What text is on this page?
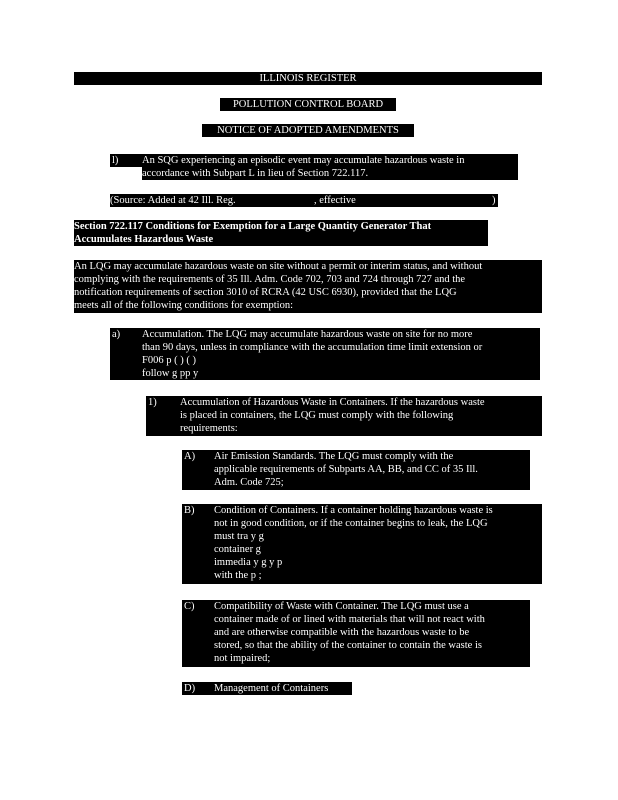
ILLINOIS REGISTER
POLLUTION CONTROL BOARD
NOTICE OF ADOPTED AMENDMENTS
l)	An SQG experiencing an episodic event may accumulate hazardous waste in
accordance with Subpart L in lieu of Section 722.117.
(Source: Added at 42 Ill. Reg.	, effective	)
Section 722.117 Conditions for Exemption for a Large Quantity Generator That
Accumulates Hazardous Waste
An LQG may accumulate hazardous waste on site without a permit or interim status, and without
complying with the requirements of 35 Ill. Adm. Code 702, 703 and 724 through 727 and the
notification requirements of section 3010 of RCRA (42 USC 6930), provided that the LQG
meets all of the following conditions for exemption:
a)	Accumulation. The LQG may accumulate hazardous waste on site for no more
than 90 days, unless in compliance with the accumulation time limit extension or
F006 p ( ) ( )
follow g pp y
1)	Accumulation of Hazardous Waste in Containers. If the hazardous waste
is placed in containers, the LQG must comply with the following
requirements:
A)	Air Emission Standards. The LQG must comply with the
applicable requirements of Subparts AA, BB, and CC of 35 Ill.
Adm. Code 725;
B)	Condition of Containers. If a container holding hazardous waste is
not in good condition, or if the container begins to leak, the LQG
must tra y g
container g
immedia y g y p
with the p ;
C)	Compatibility of Waste with Container. The LQG must use a
container made of or lined with materials that will not react with
and are otherwise compatible with the hazardous waste to be
stored, so that the ability of the container to contain the waste is
not impaired;
D)	Management of Containers
